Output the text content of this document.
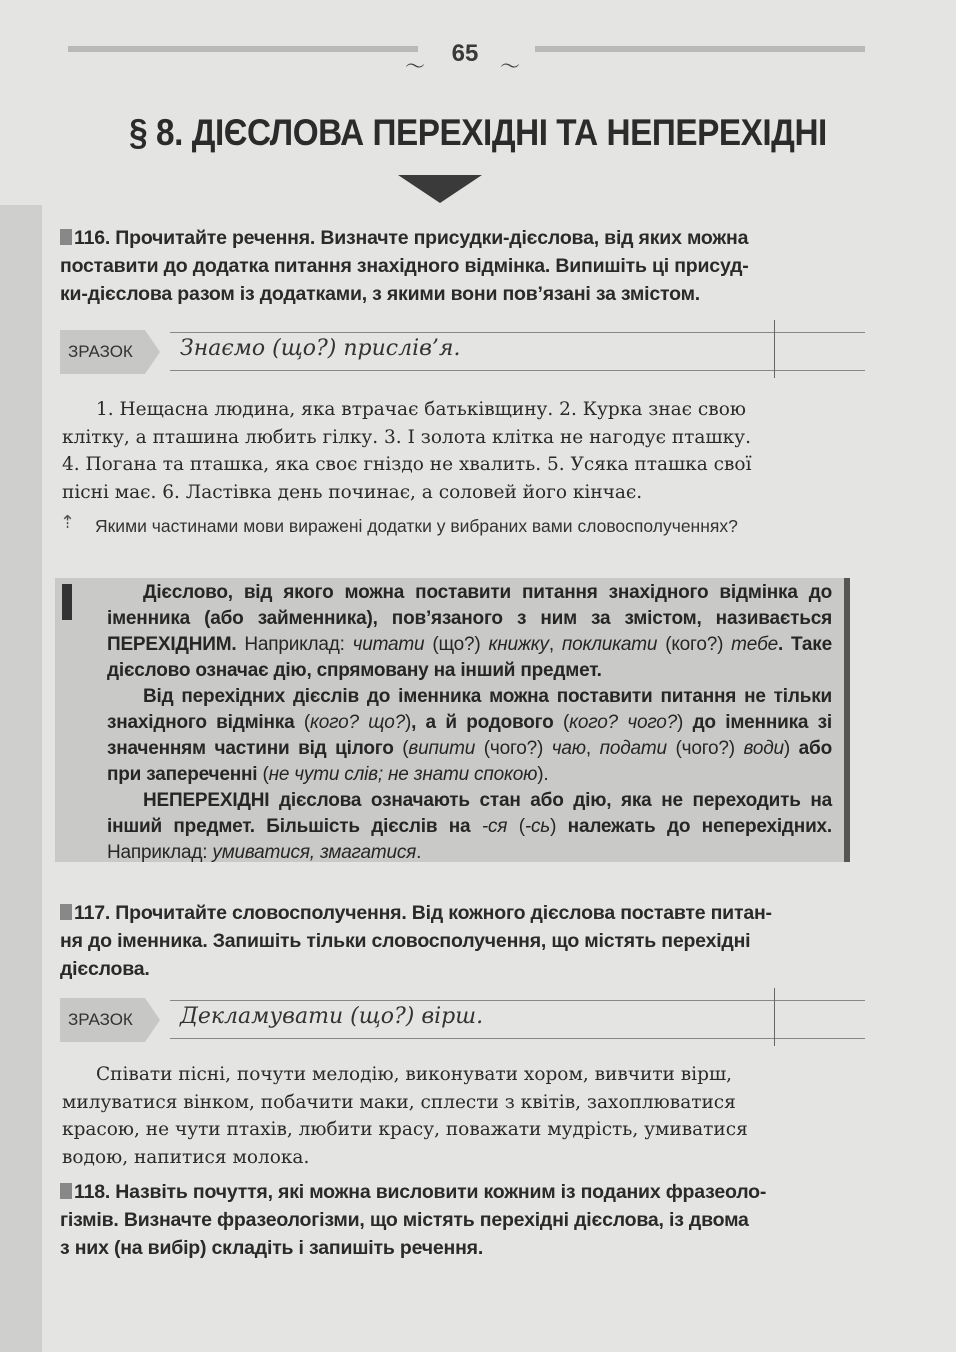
〜	〜
65
§ 8. ДІЄСЛОВА ПЕРЕХІДНІ ТА НЕПЕРЕХІДНІ
116. Прочитайте речення. Визначте присудки-дієслова, від яких можна
поставити до додатка питання знахідного відмінка. Випишіть ці присуд-
ки-дієслова разом із додатками, з якими вони пов’язані за змістом.
ЗРАЗОК Знаємо (що?) прислів’я.
1. Нещасна людина, яка втрачає батьківщину. 2. Курка знає свою
клітку, а пташина любить гілку. 3. І золота клітка не нагодує пташку.
4. Погана та пташка, яка своє гніздо не хвалить. 5. Усяка пташка свої
пісні має. 6. Ластівка день починає, а соловей його кінчає.
⇡ Якими частинами мови виражені додатки у вибраних вами словосполученнях?

Дієслово, від якого можна поставити питання знахідного відмінка до іменника (або займенника), пов’язаного з ним за змістом, називається ПЕРЕХІДНИМ. Наприклад: читати (що?) книжку, покликати (кого?) тебе. Таке дієслово означає дію, спрямовану на інший предмет.

Від перехідних дієслів до іменника можна поставити питання не тільки знахідного відмінка (кого? що?), а й родового (кого? чого?) до іменника зі значенням частини від цілого (випити (чого?) чаю, подати (чого?) води) або при запереченні (не чути слів; не знати спокою).

НЕПЕРЕХІДНІ дієслова означають стан або дію, яка не переходить на інший предмет. Більшість дієслів на -ся (-сь) належать до неперехідних. Наприклад: умиватися, змагатися.

117. Прочитайте словосполучення. Від кожного дієслова поставте питан-
ня до іменника. Запишіть тільки словосполучення, що містять перехідні
дієслова.
ЗРАЗОК Декламувати (що?) вірш.
Співати пісні, почути мелодію, виконувати хором, вивчити вірш,
милуватися вінком, побачити маки, сплести з квітів, захоплюватися
красою, не чути птахів, любити красу, поважати мудрість, умиватися
водою, напитися молока.
118. Назвіть почуття, які можна висловити кожним із поданих фразеоло-
гізмів. Визначте фразеологізми, що містять перехідні дієслова, із двома
з них (на вибір) складіть і запишіть речення.
